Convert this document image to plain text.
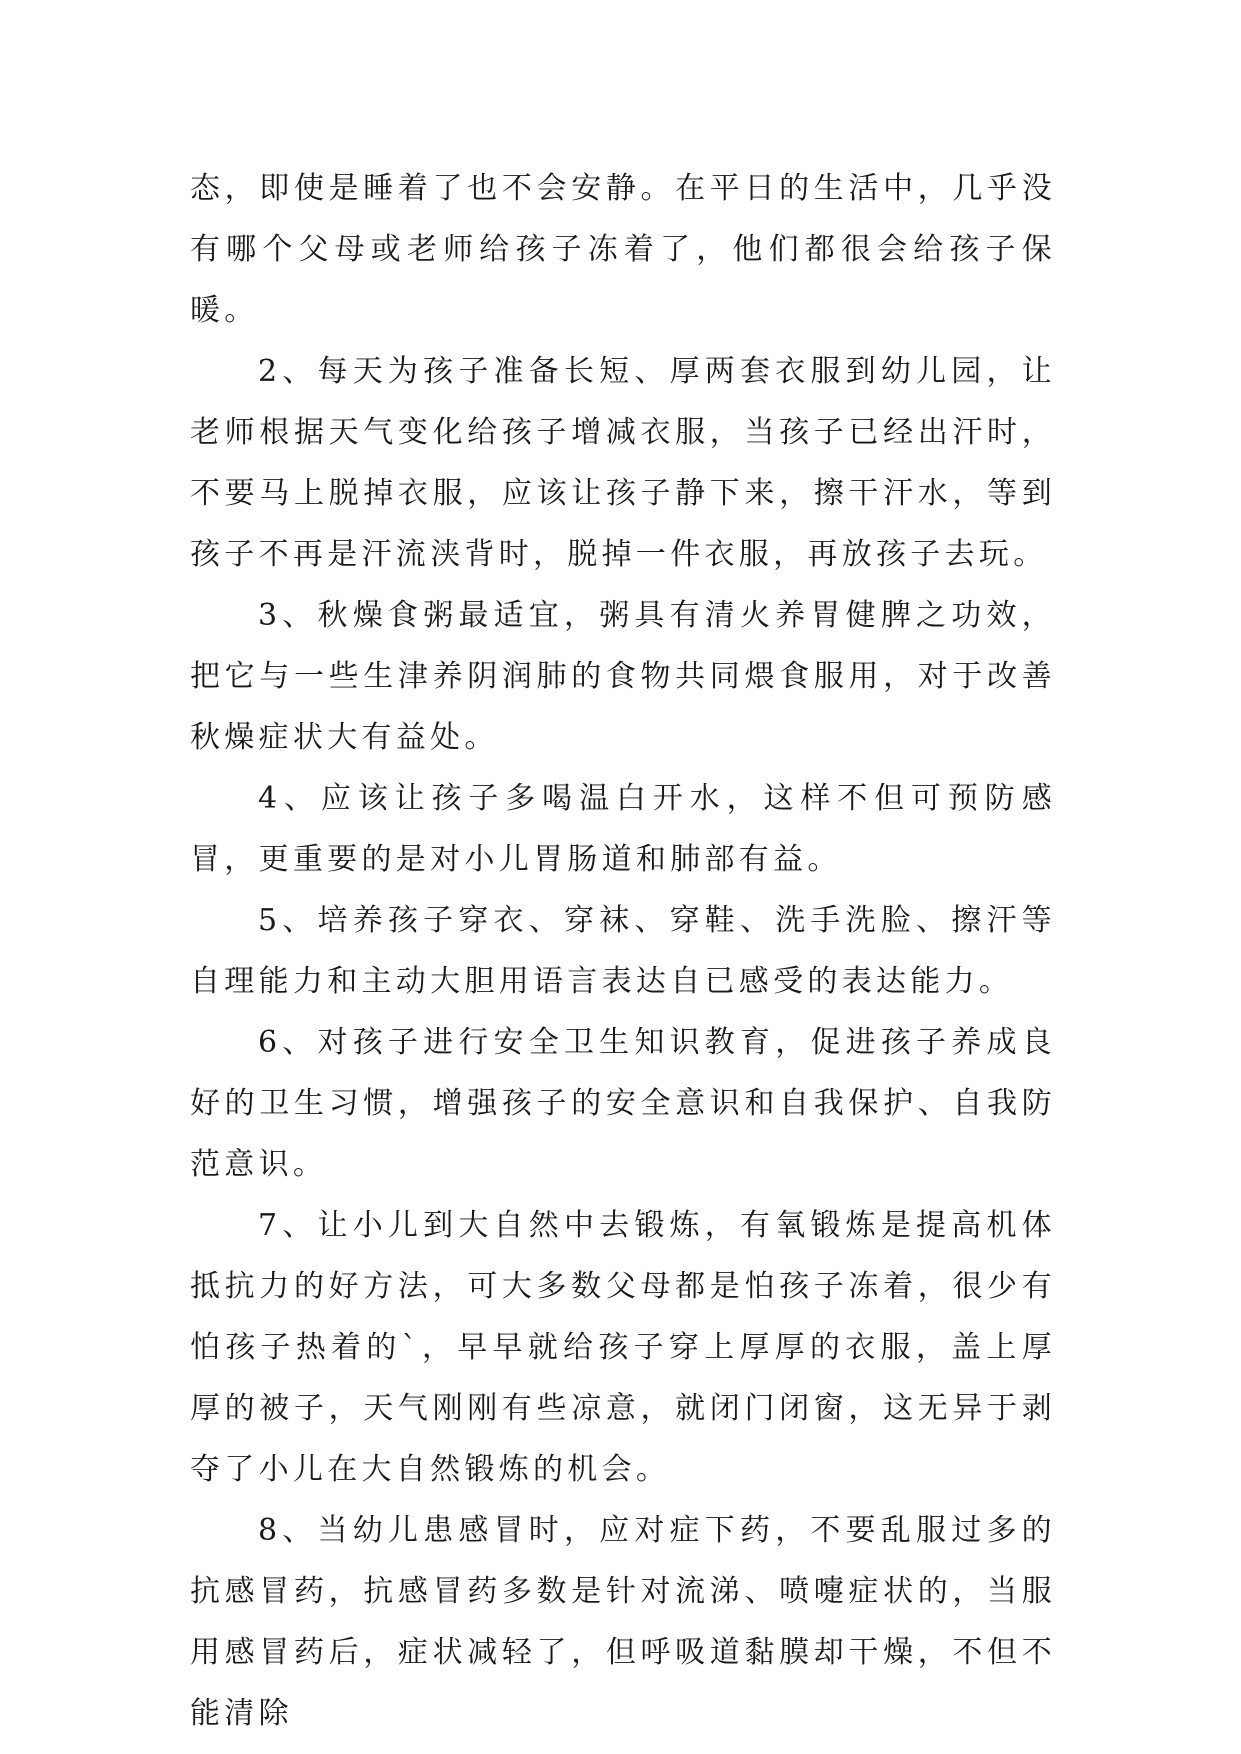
态，即使是睡着了也不会安静。在平日的生活中，几乎没有哪个父母或老师给孩子冻着了，他们都很会给孩子保暖。

2、每天为孩子准备长短、厚两套衣服到幼儿园，让老师根据天气变化给孩子增减衣服，当孩子已经出汗时，不要马上脱掉衣服，应该让孩子静下来，擦干汗水，等到孩子不再是汗流浃背时，脱掉一件衣服，再放孩子去玩。

3、秋燥食粥最适宜，粥具有清火养胃健脾之功效，把它与一些生津养阴润肺的食物共同煨食服用，对于改善秋燥症状大有益处。

4、应该让孩子多喝温白开水，这样不但可预防感冒，更重要的是对小儿胃肠道和肺部有益。

5、培养孩子穿衣、穿袜、穿鞋、洗手洗脸、擦汗等自理能力和主动大胆用语言表达自已感受的表达能力。

6、对孩子进行安全卫生知识教育，促进孩子养成良好的卫生习惯，增强孩子的安全意识和自我保护、自我防范意识。

7、让小儿到大自然中去锻炼，有氧锻炼是提高机体抵抗力的好方法，可大多数父母都是怕孩子冻着，很少有怕孩子热着的`，早早就给孩子穿上厚厚的衣服，盖上厚厚的被子，天气刚刚有些凉意，就闭门闭窗，这无异于剥夺了小儿在大自然锻炼的机会。

8、当幼儿患感冒时，应对症下药，不要乱服过多的抗感冒药，抗感冒药多数是针对流涕、喷嚏症状的，当服用感冒药后，症状减轻了，但呼吸道黏膜却干燥，不但不能清除
